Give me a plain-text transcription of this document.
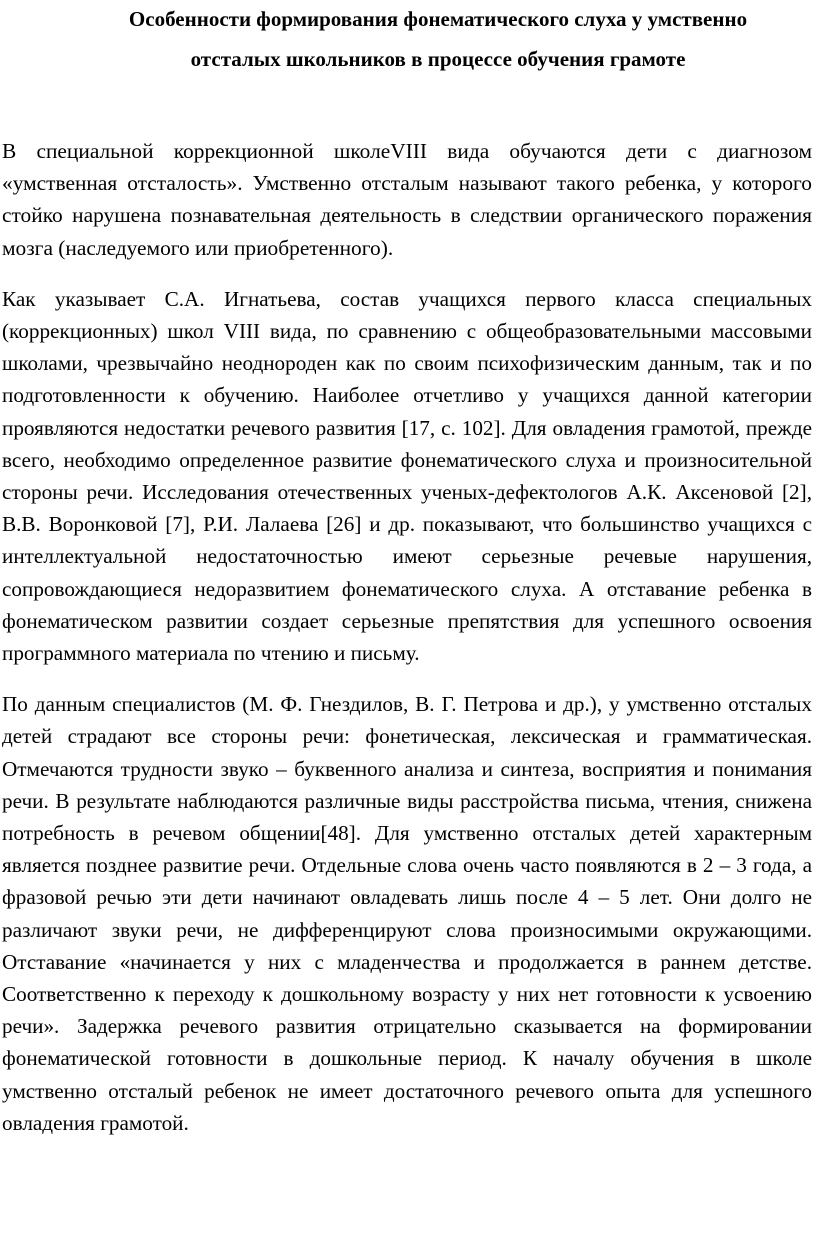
Особенности формирования фонематического слуха у умственно
отсталых школьников в процессе обучения грамоте

В специальной коррекционной школеVIII вида обучаются дети с диагнозом «умственная отсталость». Умственно отсталым называют такого ребенка, у которого стойко нарушена познавательная деятельность в следствии органического поражения мозга (наследуемого или приобретенного).

Как указывает С.А. Игнатьева, состав учащихся первого класса специальных (коррекционных) школ VIII вида, по сравнению с общеобразовательными массовыми школами, чрезвычайно неоднороден как по своим психофизическим данным, так и по подготовленности к обучению. Наиболее отчетливо у учащихся данной категории проявляются недостатки речевого развития [17, с. 102]. Для овладения грамотой, прежде всего, необходимо определенное развитие фонематического слуха и произносительной стороны речи. Исследования отечественных ученых-дефектологов А.К. Аксеновой [2], В.В. Воронковой [7], Р.И. Лалаева [26] и др. показывают, что большинство учащихся с интеллектуальной недостаточностью имеют серьезные речевые нарушения, сопровождающиеся недоразвитием фонематического слуха. А отставание ребенка в фонематическом развитии создает серьезные препятствия для успешного освоения программного материала по чтению и письму.

По данным специалистов (М. Ф. Гнездилов, В. Г. Петрова и др.), у умственно отсталых детей страдают все стороны речи: фонетическая, лексическая и грамматическая. Отмечаются трудности звуко – буквенного анализа и синтеза, восприятия и понимания речи. В результате наблюдаются различные виды расстройства письма, чтения, снижена потребность в речевом общении[48]. Для умственно отсталых детей характерным является позднее развитие речи. Отдельные слова очень часто появляются в 2 – 3 года, а фразовой речью эти дети начинают овладевать лишь после 4 – 5 лет. Они долго не различают звуки речи, не дифференцируют слова произносимыми окружающими. Отставание «начинается у них с младенчества и продолжается в раннем детстве. Соответственно к переходу к дошкольному возрасту у них нет готовности к усвоению речи». Задержка речевого развития отрицательно сказывается на формировании фонематической готовности в дошкольные период. К началу обучения в школе умственно отсталый ребенок не имеет достаточного речевого опыта для успешного овладения грамотой.
